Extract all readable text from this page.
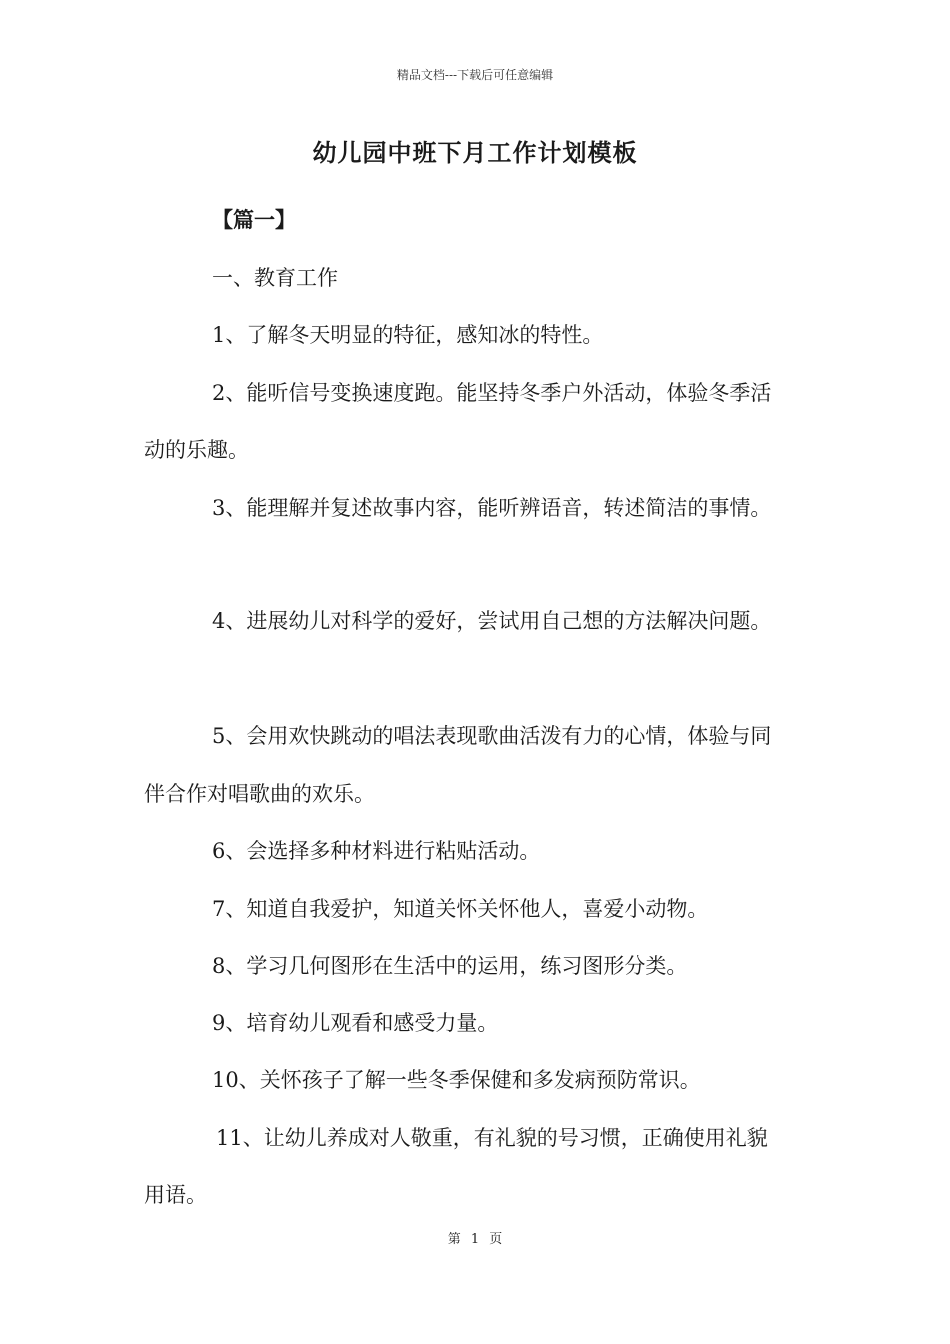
精品文档---下载后可任意编辑
幼儿园中班下月工作计划模板
【篇一】
一、教育工作
1、了解冬天明显的特征，感知冰的特性。
2、能听信号变换速度跑。能坚持冬季户外活动，体验冬季活
动的乐趣。
3、能理解并复述故事内容，能听辨语音，转述简洁的事情。
4、进展幼儿对科学的爱好，尝试用自己想的方法解决问题。
5、会用欢快跳动的唱法表现歌曲活泼有力的心情，体验与同
伴合作对唱歌曲的欢乐。
6、会选择多种材料进行粘贴活动。
7、知道自我爱护，知道关怀关怀他人，喜爱小动物。
8、学习几何图形在生活中的运用，练习图形分类。
9、培育幼儿观看和感受力量。
10、关怀孩子了解一些冬季保健和多发病预防常识。
11、让幼儿养成对人敬重，有礼貌的号习惯，正确使用礼貌
用语。
第 1 页
